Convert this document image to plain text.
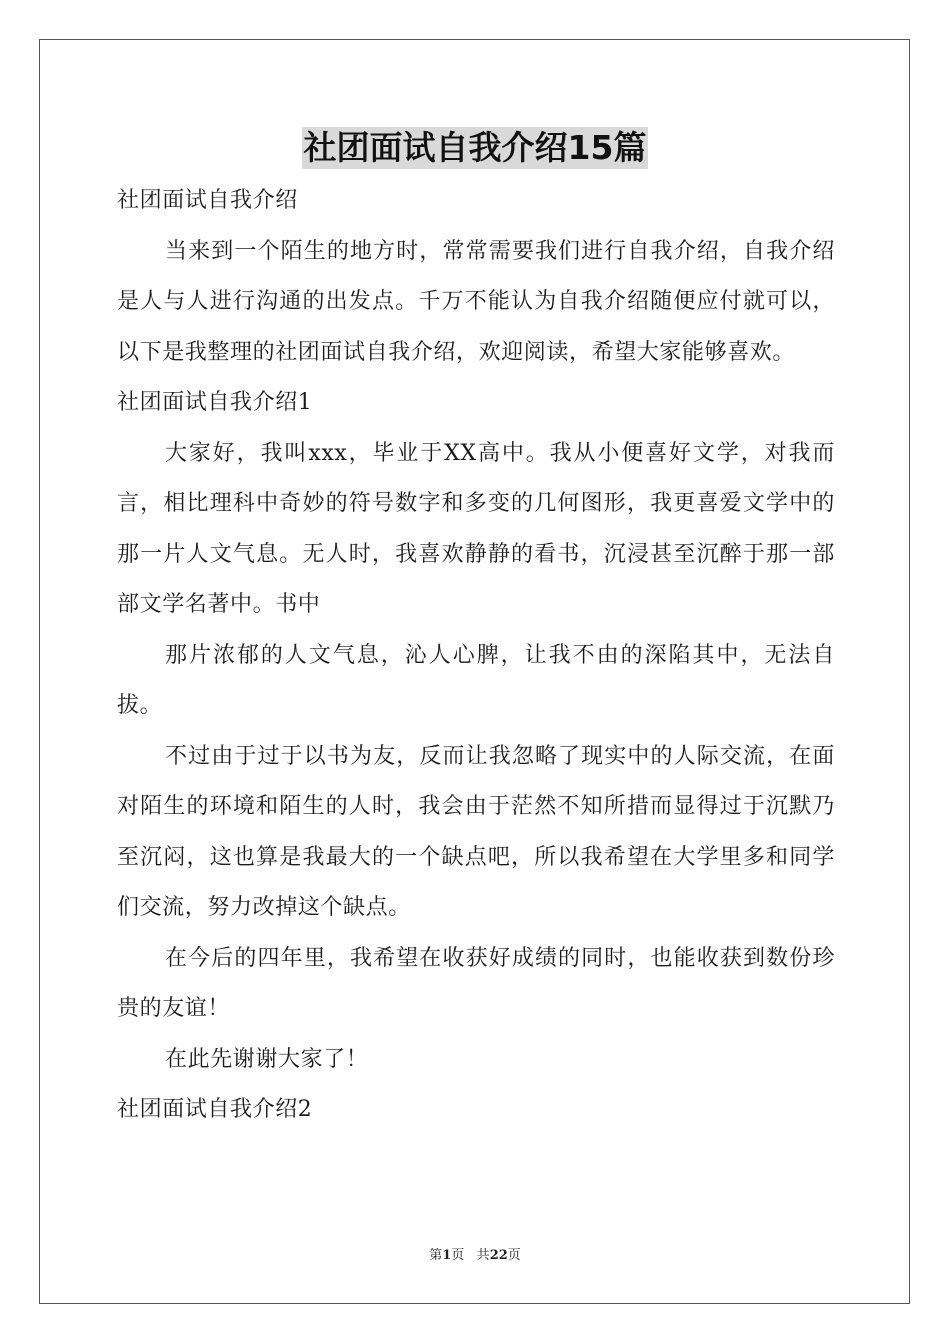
社团面试自我介绍15篇

社团面试自我介绍

当来到一个陌生的地方时，常常需要我们进行自我介绍，自我介绍是人与人进行沟通的出发点。千万不能认为自我介绍随便应付就可以，以下是我整理的社团面试自我介绍，欢迎阅读，希望大家能够喜欢。

社团面试自我介绍1

大家好，我叫xxx，毕业于XX高中。我从小便喜好文学，对我而言，相比理科中奇妙的符号数字和多变的几何图形，我更喜爱文学中的那一片人文气息。无人时，我喜欢静静的看书，沉浸甚至沉醉于那一部部文学名著中。书中

那片浓郁的人文气息，沁人心脾，让我不由的深陷其中，无法自拔。

不过由于过于以书为友，反而让我忽略了现实中的人际交流，在面对陌生的环境和陌生的人时，我会由于茫然不知所措而显得过于沉默乃至沉闷，这也算是我最大的一个缺点吧，所以我希望在大学里多和同学们交流，努力改掉这个缺点。

在今后的四年里，我希望在收获好成绩的同时，也能收获到数份珍贵的友谊！

在此先谢谢大家了！

社团面试自我介绍2

第1页 共22页
